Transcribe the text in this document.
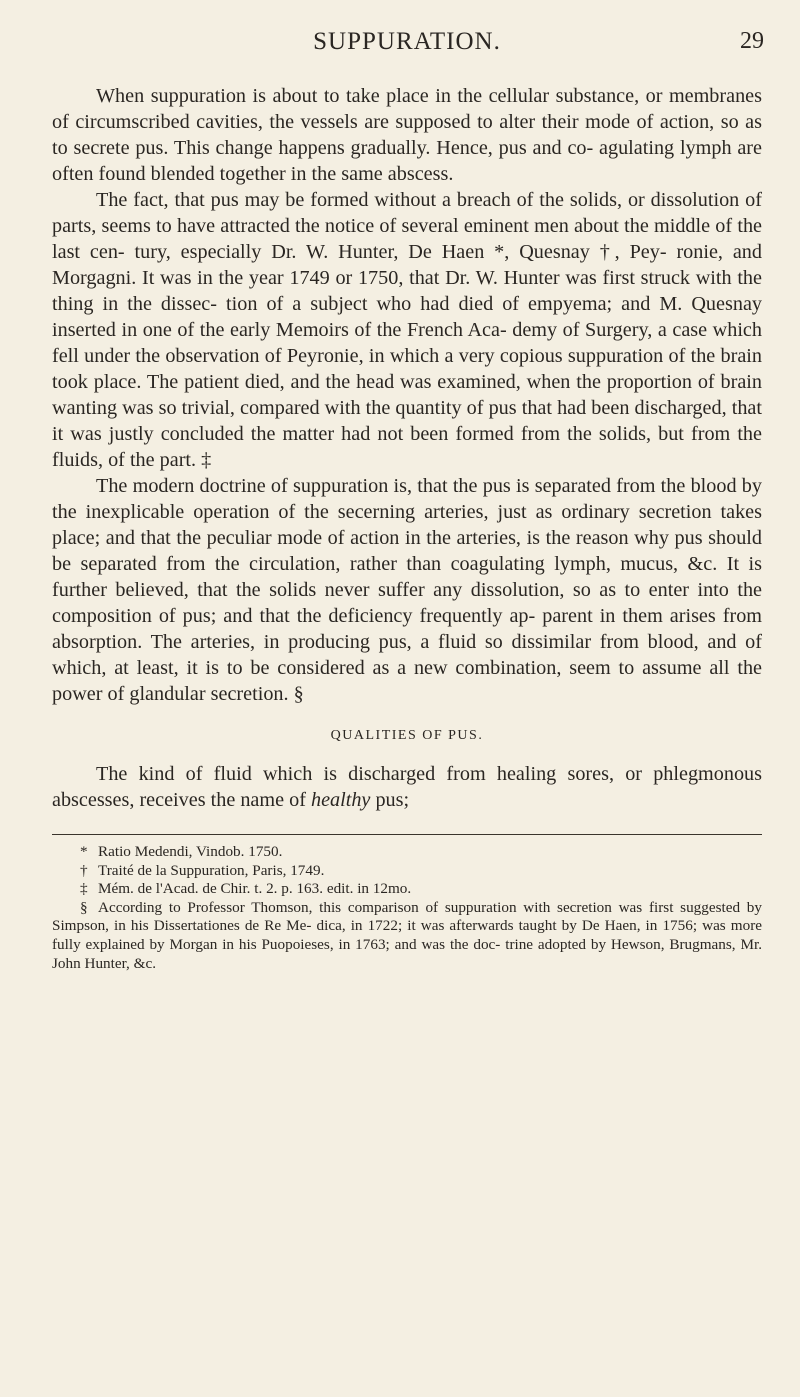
SUPPURATION.	29

When suppuration is about to take place in the cellular substance, or membranes of circumscribed cavities, the vessels are supposed to alter their mode of action, so as to secrete pus. This change happens gradually. Hence, pus and co- agulating lymph are often found blended together in the same abscess.

The fact, that pus may be formed without a breach of the solids, or dissolution of parts, seems to have attracted the notice of several eminent men about the middle of the last cen- tury, especially Dr. W. Hunter, De Haen *, Quesnay †, Pey- ronie, and Morgagni. It was in the year 1749 or 1750, that Dr. W. Hunter was first struck with the thing in the dissec- tion of a subject who had died of empyema; and M. Quesnay inserted in one of the early Memoirs of the French Aca- demy of Surgery, a case which fell under the observation of Peyronie, in which a very copious suppuration of the brain took place. The patient died, and the head was examined, when the proportion of brain wanting was so trivial, compared with the quantity of pus that had been discharged, that it was justly concluded the matter had not been formed from the solids, but from the fluids, of the part. ‡

The modern doctrine of suppuration is, that the pus is separated from the blood by the inexplicable operation of the secerning arteries, just as ordinary secretion takes place; and that the peculiar mode of action in the arteries, is the reason why pus should be separated from the circulation, rather than coagulating lymph, mucus, &c. It is further believed, that the solids never suffer any dissolution, so as to enter into the composition of pus; and that the deficiency frequently ap- parent in them arises from absorption. The arteries, in producing pus, a fluid so dissimilar from blood, and of which, at least, it is to be considered as a new combination, seem to assume all the power of glandular secretion. §

QUALITIES OF PUS.

The kind of fluid which is discharged from healing sores, or phlegmonous abscesses, receives the name of healthy pus;

* Ratio Medendi, Vindob. 1750.

† Traité de la Suppuration, Paris, 1749.

‡ Mém. de l'Acad. de Chir. t. 2. p. 163. edit. in 12mo.

§ According to Professor Thomson, this comparison of suppuration with secretion was first suggested by Simpson, in his Dissertationes de Re Me- dica, in 1722; it was afterwards taught by De Haen, in 1756; was more fully explained by Morgan in his Puopoieses, in 1763; and was the doc- trine adopted by Hewson, Brugmans, Mr. John Hunter, &c.
